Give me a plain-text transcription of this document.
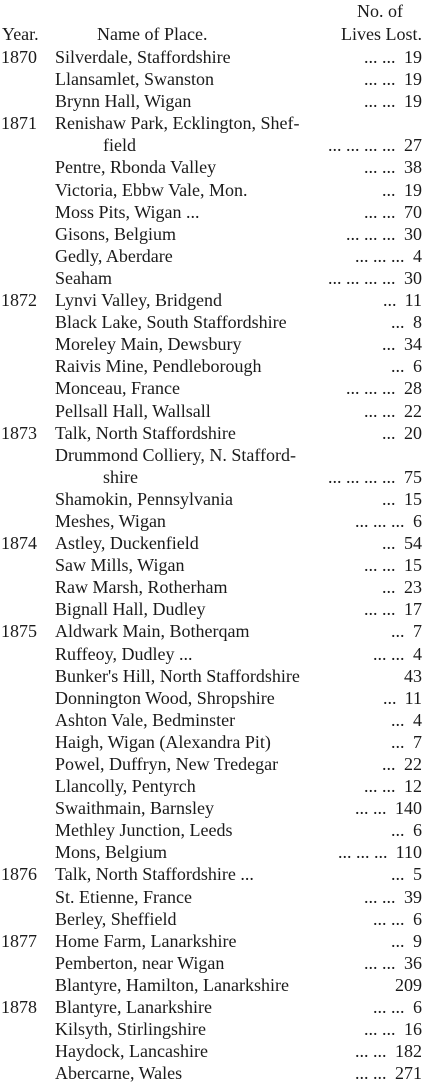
No. of
Year.	Name of Place.	Lives Lost.
1870	Silverdale, Staffordshire	... ... 19
Llansamlet, Swanston	... ... 19
Brynn Hall, Wigan	... ... 19
1871	Renishaw Park, Ecklington, Shef-
field	... ... ... ... 27
Pentre, Rbonda Valley	... ... 38
Victoria, Ebbw Vale, Mon.	... 19
Moss Pits, Wigan ...	... ... 70
Gisons, Belgium	... ... ... 30
Gedly, Aberdare	... ... ... 4
Seaham	... ... ... ... 30
1872	Lynvi Valley, Bridgend	... 11
Black Lake, South Staffordshire	... 8
Moreley Main, Dewsbury	... 34
Raivis Mine, Pendleborough	... 6
Monceau, France	... ... ... 28
Pellsall Hall, Wallsall	... ... 22
1873	Talk, North Staffordshire	... 20
Drummond Colliery, N. Stafford-
shire	... ... ... ... 75
Shamokin, Pennsylvania	... 15
Meshes, Wigan	... ... ... 6
1874	Astley, Duckenfield	... 54
Saw Mills, Wigan	... ... 15
Raw Marsh, Rotherham	... 23
Bignall Hall, Dudley	... ... 17
1875	Aldwark Main, Botherqam	... 7
Ruffeoy, Dudley ...	... ... 4
Bunker's Hill, North Staffordshire	43
Donnington Wood, Shropshire	... 11
Ashton Vale, Bedminster	... 4
Haigh, Wigan (Alexandra Pit)	... 7
Powel, Duffryn, New Tredegar	... 22
Llancolly, Pentyrch	... ... 12
Swaithmain, Barnsley	... ... 140
Methley Junction, Leeds	... 6
Mons, Belgium	... ... ... 110
1876	Talk, North Staffordshire ...	... 5
St. Etienne, France	... ... 39
Berley, Sheffield	... ... 6
1877	Home Farm, Lanarkshire	... 9
Pemberton, near Wigan	... ... 36
Blantyre, Hamilton, Lanarkshire	209
1878	Blantyre, Lanarkshire	... ... 6
Kilsyth, Stirlingshire	... ... 16
Haydock, Lancashire	... ... 182
Abercarne, Wales	... ... 271
